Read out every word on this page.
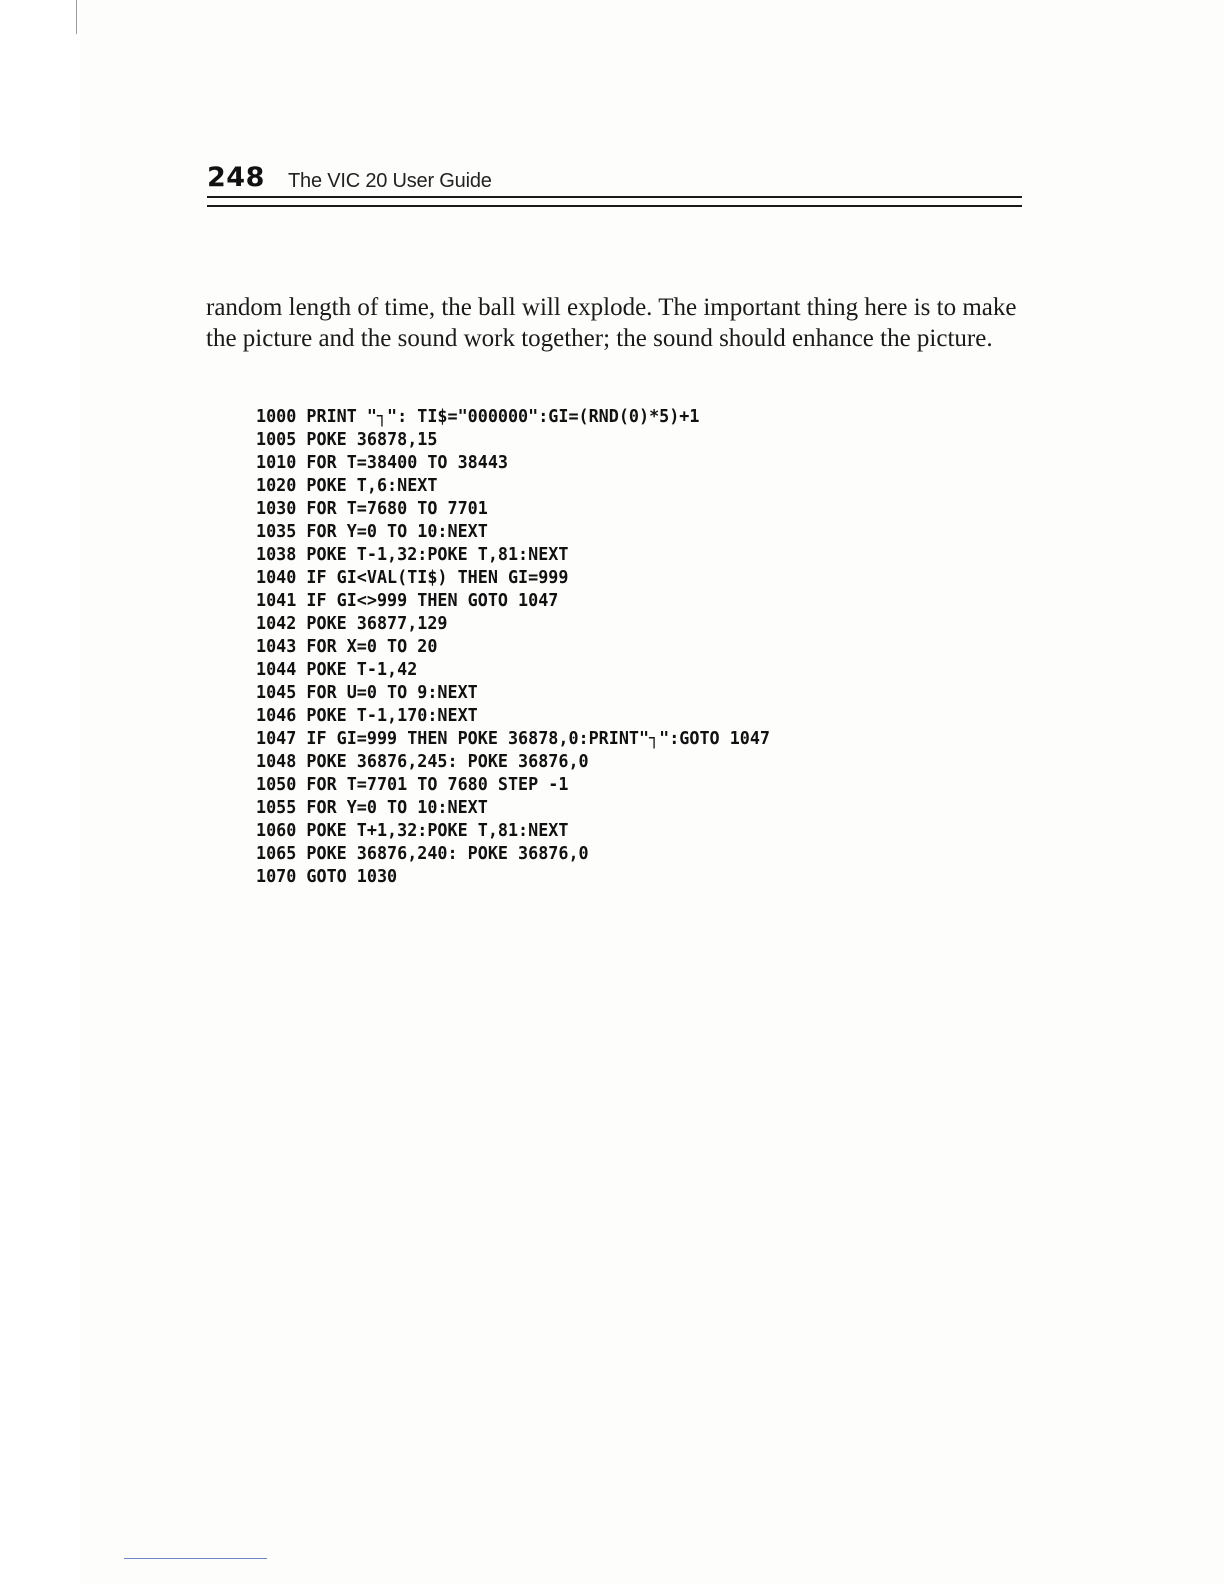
248 The VIC 20 User Guide

random length of time, the ball will explode. The important thing here is to make the picture and the sound work together; the sound should enhance the picture.

1000 PRINT "┐": TI$="000000":GI=(RND(0)*5)+1
1005 POKE 36878,15
1010 FOR T=38400 TO 38443
1020 POKE T,6:NEXT
1030 FOR T=7680 TO 7701
1035 FOR Y=0 TO 10:NEXT
1038 POKE T-1,32:POKE T,81:NEXT
1040 IF GI<VAL(TI$) THEN GI=999
1041 IF GI<>999 THEN GOTO 1047
1042 POKE 36877,129
1043 FOR X=0 TO 20
1044 POKE T-1,42
1045 FOR U=0 TO 9:NEXT
1046 POKE T-1,170:NEXT
1047 IF GI=999 THEN POKE 36878,0:PRINT"┐":GOTO 1047
1048 POKE 36876,245: POKE 36876,0
1050 FOR T=7701 TO 7680 STEP -1
1055 FOR Y=0 TO 10:NEXT
1060 POKE T+1,32:POKE T,81:NEXT
1065 POKE 36876,240: POKE 36876,0
1070 GOTO 1030
